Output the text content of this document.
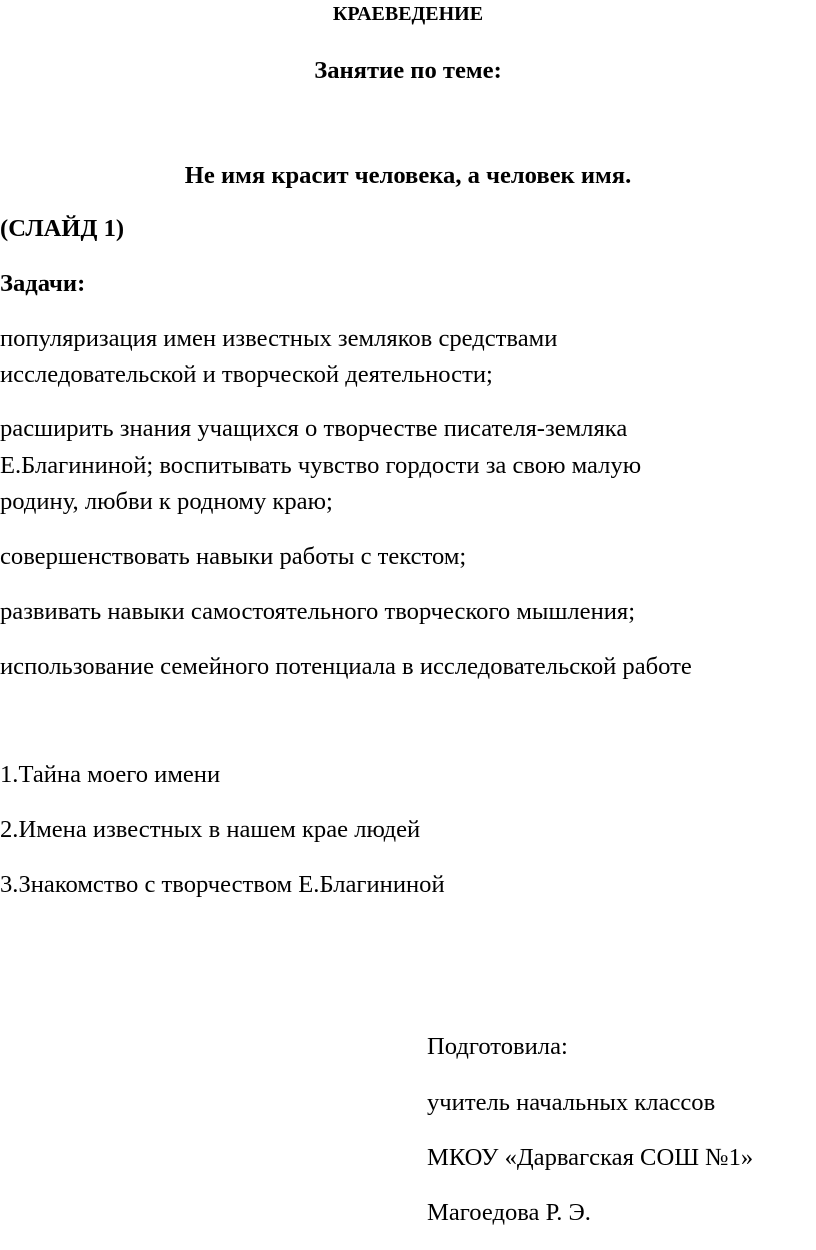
КРАЕВЕДЕНИЕ

Занятие по теме:

Не имя красит человека, а человек имя.

(СЛАЙД 1)

Задачи:

популяризация имен известных земляков средствами

исследовательской и творческой деятельности;

расширить знания учащихся о творчестве писателя-земляка

Е.Благининой; воспитывать чувство гордости за свою малую

родину, любви к родному краю;

совершенствовать навыки работы с текстом;

развивать навыки самостоятельного творческого мышления;

использование семейного потенциала в исследовательской работе

1.Тайна моего имени

2.Имена известных в нашем крае людей

3.Знакомство с творчеством Е.Благининой

Подготовила:

учитель начальных классов

МКОУ «Дарвагская СОШ №1»

Магоедова Р. Э.
